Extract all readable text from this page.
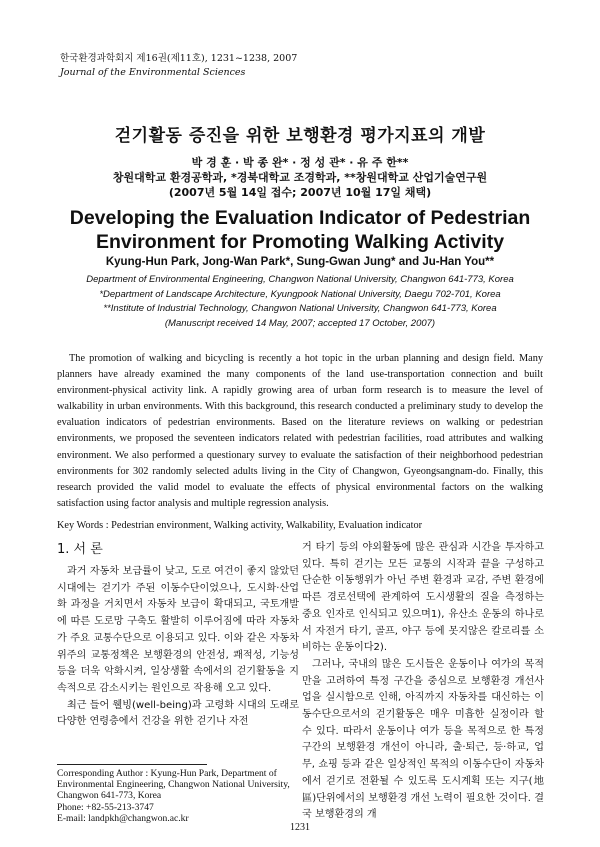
한국환경과학회지 제16권(제11호), 1231~1238, 2007
Journal of the Environmental Sciences
걷기활동 증진을 위한 보행환경 평가지표의 개발
박 경 훈 · 박 종 완* · 정 성 관* · 유 주 한**
창원대학교 환경공학과, *경북대학교 조경학과, **창원대학교 산업기술연구원
(2007년 5월 14일 접수; 2007년 10월 17일 채택)
Developing the Evaluation Indicator of Pedestrian
Environment for Promoting Walking Activity
Kyung-Hun Park, Jong-Wan Park*, Sung-Gwan Jung* and Ju-Han You**
Department of Environmental Engineering, Changwon National University, Changwon 641-773, Korea
*Department of Landscape Architecture, Kyungpook National University, Daegu 702-701, Korea
**Institute of Industrial Technology, Changwon National University, Changwon 641-773, Korea
(Manuscript received 14 May, 2007; accepted 17 October, 2007)
The promotion of walking and bicycling is recently a hot topic in the urban planning and design field. Many planners have already examined the many components of the land use-transportation connection and built environment-physical activity link. A rapidly growing area of urban form research is to measure the level of walkability in urban environments. With this background, this research conducted a preliminary study to develop the evaluation indicators of pedestrian environments. Based on the literature reviews on walking or pedestrian environments, we proposed the seventeen indicators related with pedestrian facilities, road attributes and walking environment. We also performed a questionary survey to evaluate the satisfaction of their neighborhood pedestrian environments for 302 randomly selected adults living in the City of Changwon, Gyeongsangnam-do. Finally, this research provided the valid model to evaluate the effects of physical environmental factors on the walking satisfaction using factor analysis and multiple regression analysis.
Key Words : Pedestrian environment, Walking activity, Walkability, Evaluation indicator
1. 서 론

과거 자동차 보급률이 낮고, 도로 여건이 좋지 않았던 시대에는 걷기가 주된 이동수단이었으나, 도시화·산업화 과정을 거치면서 자동차 보급이 확대되고, 국토개발에 따른 도로망 구축도 활발히 이루어짐에 따라 자동차가 주요 교통수단으로 이용되고 있다. 이와 같은 자동차 위주의 교통정책은 보행환경의 안전성, 쾌적성, 기능성 등을 더욱 악화시켜, 일상생활 속에서의 걷기활동을 지속적으로 감소시키는 원인으로 작용해 오고 있다.

최근 들어 웰빙(well-being)과 고령화 시대의 도래로 다양한 연령층에서 건강을 위한 걷기나 자전

거 타기 등의 야외활동에 많은 관심과 시간을 투자하고 있다. 특히 걷기는 모든 교통의 시작과 끝을 구성하고 단순한 이동행위가 아닌 주변 환경과 교감, 주변 환경에 따른 경로선택에 관계하여 도시생활의 질을 측정하는 중요 인자로 인식되고 있으며1), 유산소 운동의 하나로서 자전거 타기, 골프, 야구 등에 못지않은 칼로리를 소비하는 운동이다2).

그러나, 국내의 많은 도시들은 운동이나 여가의 목적만을 고려하여 특정 구간을 중심으로 보행환경 개선사업을 실시함으로 인해, 아직까지 자동차를 대신하는 이동수단으로서의 걷기활동은 매우 미흡한 실정이라 할 수 있다. 따라서 운동이나 여가 등을 목적으로 한 특정 구간의 보행환경 개선이 아니라, 출·퇴근, 등·하교, 업무, 쇼핑 등과 같은 일상적인 목적의 이동수단이 자동차에서 걷기로 전환될 수 있도록 도시계획 또는 지구(地區)단위에서의 보행환경 개선 노력이 필요한 것이다. 결국 보행환경의 개

Corresponding Author : Kyung-Hun Park, Department of Environmental Engineering, Changwon National University, Changwon 641-773, Korea
Phone: +82-55-213-3747
E-mail: landpkh@changwon.ac.kr
1231
